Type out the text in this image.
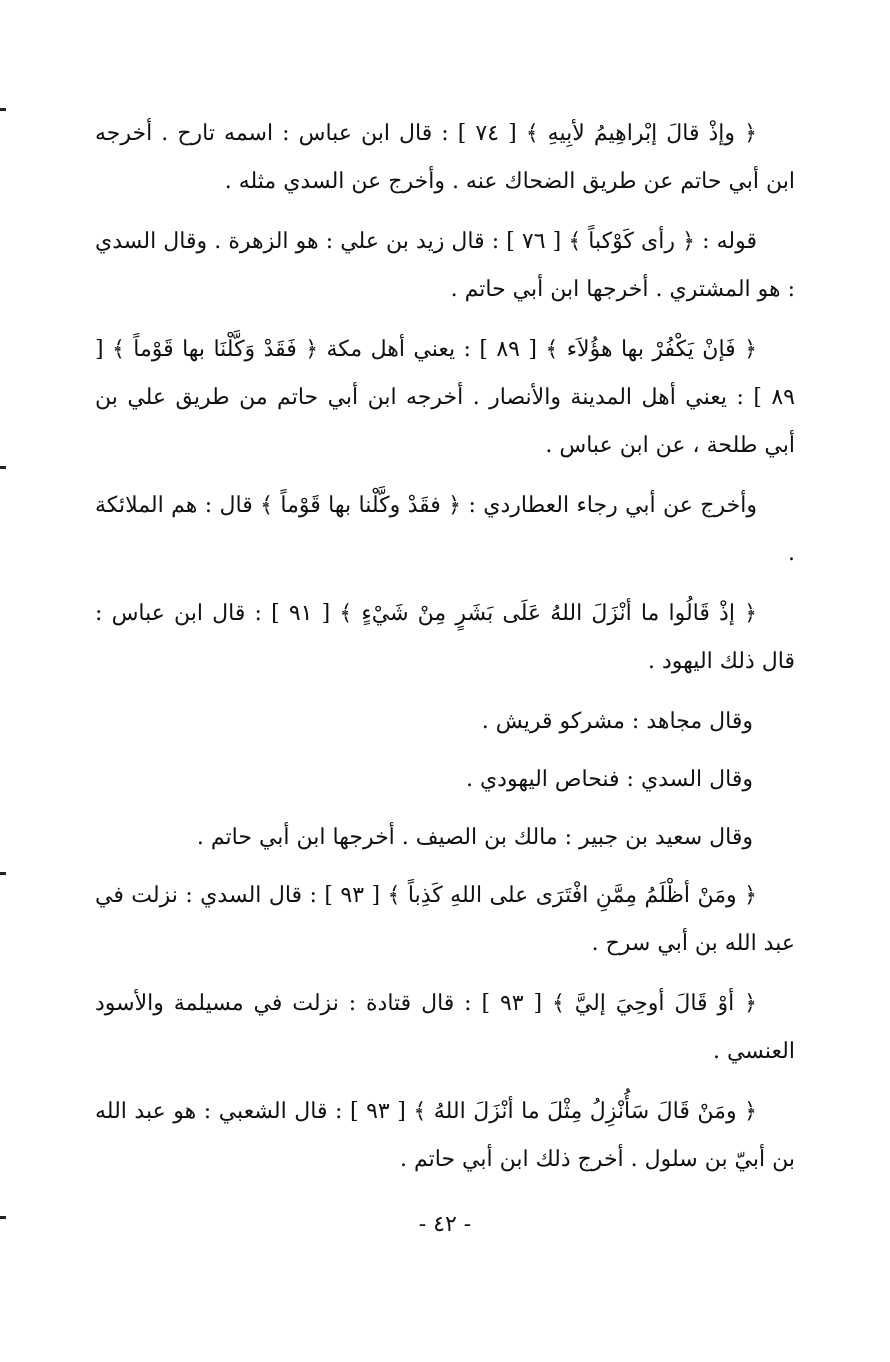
﴿ وإذْ قالَ إبْراهِيمُ لأبِيهِ ﴾ [ ٧٤ ] : قال ابن عباس : اسمه تارح . أخرجه ابن أبي حاتم عن طريق الضحاك عنه . وأخرج عن السدي مثله .

قوله : ﴿ رأى كَوْكباً ﴾ [ ٧٦ ] : قال زيد بن علي : هو الزهرة . وقال السدي : هو المشتري . أخرجها ابن أبي حاتم .

﴿ فَإنْ يَكْفُرْ بها هؤُلاَء ﴾ [ ٨٩ ] : يعني أهل مكة ﴿ فَقَدْ وَكَّلْنَا بها قَوْماً ﴾ [ ٨٩ ] : يعني أهل المدينة والأنصار . أخرجه ابن أبي حاتم من طريق علي بن أبي طلحة ، عن ابن عباس .

وأخرج عن أبي رجاء العطاردي : ﴿ فقَدْ وكَّلْنا بها قَوْماً ﴾ قال : هم الملائكة .

﴿ إذْ قَالُوا ما أنْزَلَ اللهُ عَلَى بَشَرٍ مِنْ شَيْءٍ ﴾ [ ٩١ ] : قال ابن عباس : قال ذلك اليهود .

وقال مجاهد : مشركو قريش .

وقال السدي : فنحاص اليهودي .

وقال سعيد بن جبير : مالك بن الصيف . أخرجها ابن أبي حاتم .

﴿ ومَنْ أظْلَمُ مِمَّنِ افْتَرَى على اللهِ كَذِباً ﴾ [ ٩٣ ] : قال السدي : نزلت في عبد الله بن أبي سرح .

﴿ أوْ قَالَ أوحِيَ إليَّ ﴾ [ ٩٣ ] : قال قتادة : نزلت في مسيلمة والأسود العنسي .

﴿ ومَنْ قَالَ سَأُنْزِلُ مِثْلَ ما أنْزَلَ اللهُ ﴾ [ ٩٣ ] : قال الشعبي : هو عبد الله بن أبيّ بن سلول . أخرج ذلك ابن أبي حاتم .

- ٤٢ -
